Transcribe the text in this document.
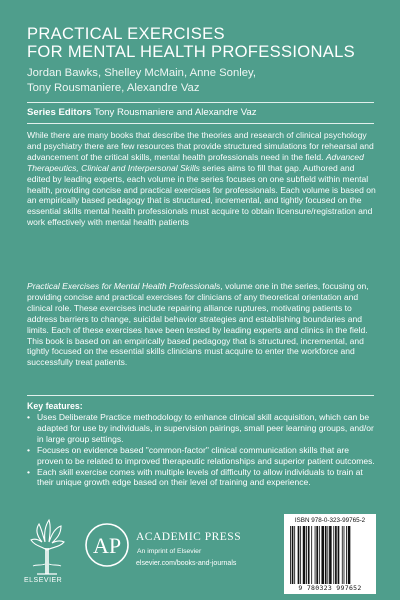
PRACTICAL EXERCISES
FOR MENTAL HEALTH PROFESSIONALS
Jordan Bawks, Shelley McMain, Anne Sonley,
Tony Rousmaniere, Alexandre Vaz
Series Editors Tony Rousmaniere and Alexandre Vaz

While there are many books that describe the theories and research of clinical psychology and psychiatry there are few resources that provide structured simulations for rehearsal and advancement of the critical skills, mental health professionals need in the field. Advanced Therapeutics, Clinical and Interpersonal Skills series aims to fill that gap. Authored and edited by leading experts, each volume in the series focuses on one subfield within mental health, providing concise and practical exercises for professionals. Each volume is based on an empirically based pedagogy that is structured, incremental, and tightly focused on the essential skills mental health professionals must acquire to obtain licensure/registration and work effectively with mental health patients

Practical Exercises for Mental Health Professionals, volume one in the series, focusing on, providing concise and practical exercises for clinicians of any theoretical orientation and clinical role. These exercises include repairing alliance ruptures, motivating patients to address barriers to change, suicidal behavior strategies and establishing boundaries and limits. Each of these exercises have been tested by leading experts and clinics in the field. This book is based on an empirically based pedagogy that is structured, incremental, and tightly focused on the essential skills clinicians must acquire to enter the workforce and successfully treat patients.

Key features:
• Uses Deliberate Practice methodology to enhance clinical skill acquisition, which can be adapted for use by individuals, in supervision pairings, small peer learning groups, and/or in large group settings.
• Focuses on evidence based "common-factor" clinical communication skills that are proven to be related to improved therapeutic relationships and superior patient outcomes.
• Each skill exercise comes with multiple levels of difficulty to allow individuals to train at their unique growth edge based on their level of training and experience.
ELSEVIER
AP ACADEMIC PRESS
An imprint of Elsevier
elsevier.com/books-and-journals
ISBN 978-0-323-99765-2
9 780323 997652
